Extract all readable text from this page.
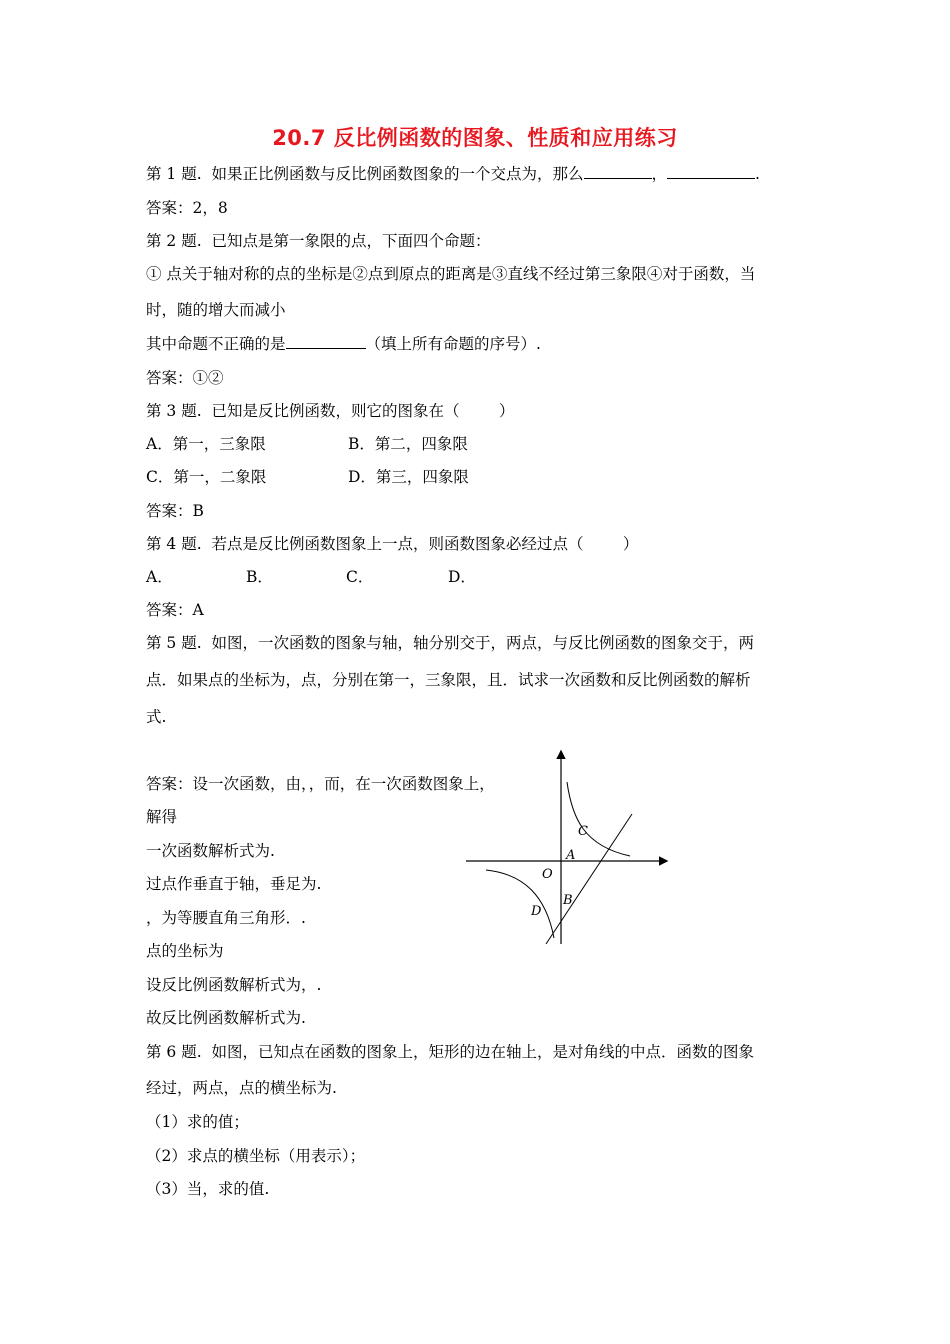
20.7 反比例函数的图象、性质和应用练习
第 1 题.  如果正比例函数与反比例函数图象的一个交点为，那么	，	.
答案：2，8
第 2 题.  已知点是第一象限的点，下面四个命题：
① 点关于轴对称的点的坐标是②点到原点的距离是③直线不经过第三象限④对于函数，当
时，随的增大而减小
其中命题不正确的是	（填上所有命题的序号）.
答案：①②
第 3 题.  已知是反比例函数，则它的图象在（        ）
A．第一，三象限	B．第二，四象限
C．第一，二象限	D．第三，四象限
答案：B
第 4 题.  若点是反比例函数图象上一点，则函数图象必经过点（        ）
A．	B．	C．	D．
答案：A
第 5 题.  如图，一次函数的图象与轴，轴分别交于，两点，与反比例函数的图象交于，两
点．如果点的坐标为，点，分别在第一，三象限，且．试求一次函数和反比例函数的解析
式.
答案：设一次函数，由，，而，在一次函数图象上，
解得
一次函数解析式为.
过点作垂直于轴，垂足为.
，为等腰直角三角形．.
点的坐标为
设反比例函数解析式为，.
故反比例函数解析式为.
C
A
O
B
D
第 6 题.  如图，已知点在函数的图象上，矩形的边在轴上，是对角线的中点．函数的图象
经过，两点，点的横坐标为.
（1）求的值；
（2）求点的横坐标（用表示）；
（3）当，求的值.
